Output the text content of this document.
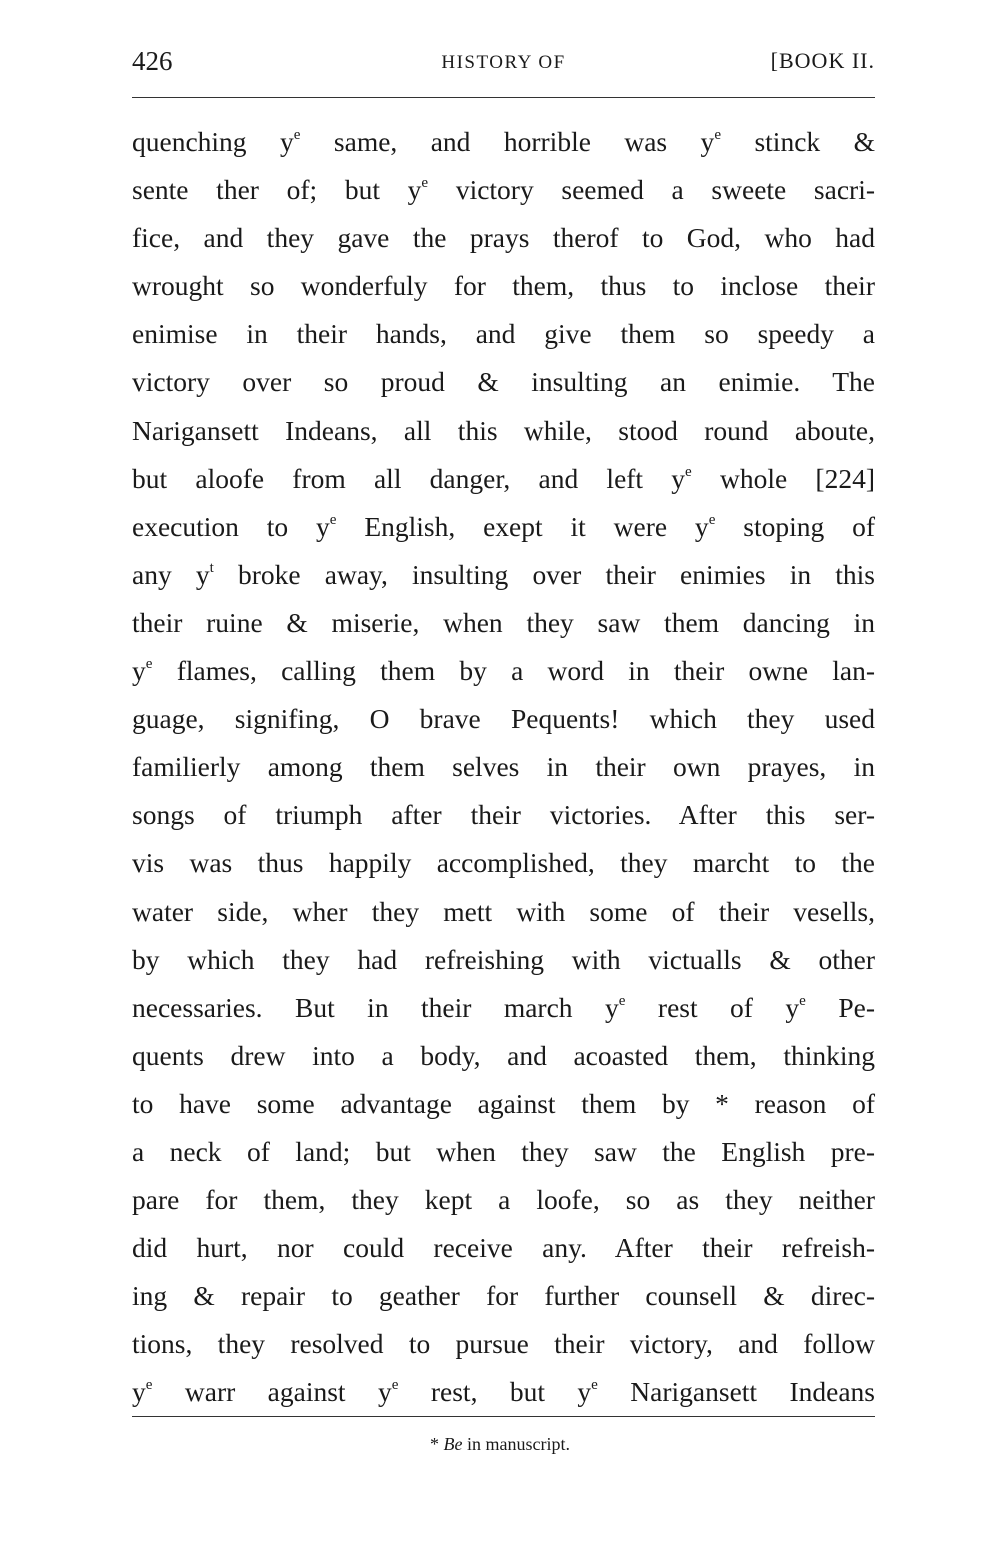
426	HISTORY OF	[BOOK II.
quenching $y^e$ same, and horrible was $y^e$ stinck &
sente ther of; but $y^e$ victory seemed a sweete sacri-
fice, and they gave the prays therof to God, who had
wrought so wonderfuly for them, thus to inclose their
enimise in their hands, and give them so speedy a
victory over so proud & insulting an enimie. The
Narigansett Indeans, all this while, stood round aboute,
but aloofe from all danger, and left $y^e$ whole [224]
execution to $y^e$ English, exept it were $y^e$ stoping of
any $y^t$ broke away, insulting over their enimies in this
their ruine & miserie, when they saw them dancing in
$y^e$ flames, calling them by a word in their owne lan-
guage, signifing, O brave Pequents! which they used
familierly among them selves in their own prayes, in
songs of triumph after their victories. After this ser-
vis was thus happily accomplished, they marcht to the
water side, wher they mett with some of their vesells,
by which they had refreishing with victualls & other
necessaries. But in their march $y^e$ rest of $y^e$ Pe-
quents drew into a body, and acoasted them, thinking
to have some advantage against them by * reason of
a neck of land; but when they saw the English pre-
pare for them, they kept a loofe, so as they neither
did hurt, nor could receive any. After their refreish-
ing & repair to geather for further counsell & direc-
tions, they resolved to pursue their victory, and follow
$y^e$ warr against $y^e$ rest, but $y^e$ Narigansett Indeans
* Be in manuscript.
